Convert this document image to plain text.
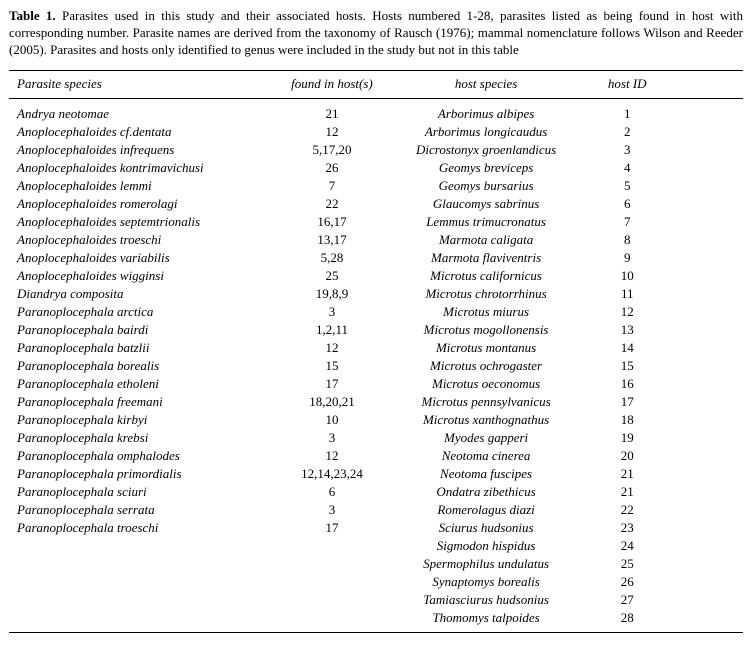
Table 1. Parasites used in this study and their associated hosts. Hosts numbered 1-28, parasites listed as being found in host with corresponding number. Parasite names are derived from the taxonomy of Rausch (1976); mammal nomenclature follows Wilson and Reeder (2005). Parasites and hosts only identified to genus were included in the study but not in this table

Parasite species	found in host(s)	host species	host ID
Andrya neotomae	21	Arborimus albipes	1
Anoplocephaloides cf.dentata	12	Arborimus longicaudus	2
Anoplocephaloides infrequens	5,17,20	Dicrostonyx groenlandicus	3
Anoplocephaloides kontrimavichusi	26	Geomys breviceps	4
Anoplocephaloides lemmi	7	Geomys bursarius	5
Anoplocephaloides romerolagi	22	Glaucomys sabrinus	6
Anoplocephaloides septemtrionalis	16,17	Lemmus trimucronatus	7
Anoplocephaloides troeschi	13,17	Marmota caligata	8
Anoplocephaloides variabilis	5,28	Marmota flaviventris	9
Anoplocephaloides wigginsi	25	Microtus californicus	10
Diandrya composita	19,8,9	Microtus chrotorrhinus	11
Paranoplocephala arctica	3	Microtus miurus	12
Paranoplocephala bairdi	1,2,11	Microtus mogollonensis	13
Paranoplocephala batzlii	12	Microtus montanus	14
Paranoplocephala borealis	15	Microtus ochrogaster	15
Paranoplocephala etholeni	17	Microtus oeconomus	16
Paranoplocephala freemani	18,20,21	Microtus pennsylvanicus	17
Paranoplocephala kirbyi	10	Microtus xanthognathus	18
Paranoplocephala krebsi	3	Myodes gapperi	19
Paranoplocephala omphalodes	12	Neotoma cinerea	20
Paranoplocephala primordialis	12,14,23,24	Neotoma fuscipes	21
Paranoplocephala sciuri	6	Ondatra zibethicus	21
Paranoplocephala serrata	3	Romerolagus diazi	22
Paranoplocephala troeschi	17	Sciurus hudsonius	23
		Sigmodon hispidus	24
		Spermophilus undulatus	25
		Synaptomys borealis	26
		Tamiasciurus hudsonius	27
		Thomomys talpoides	28
